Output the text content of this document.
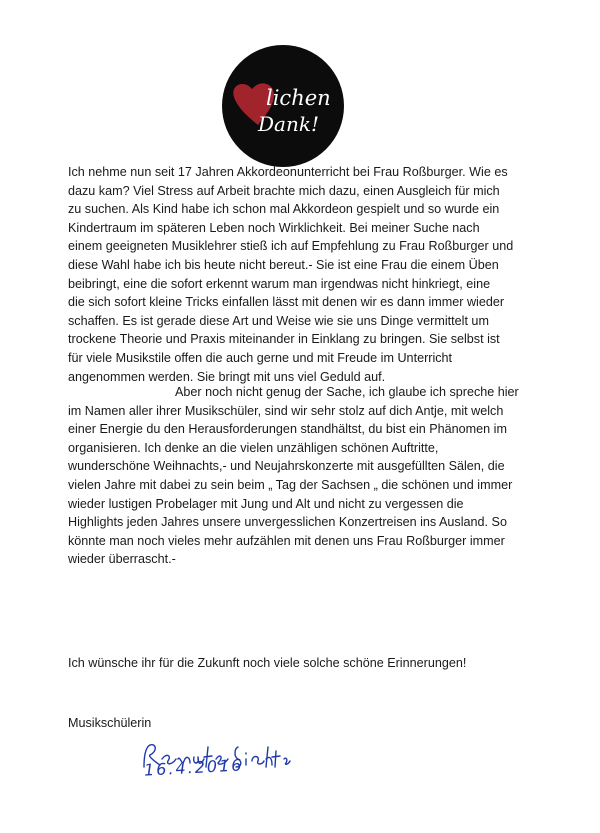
lichen
Dank!
Ich nehme nun seit 17 Jahren Akkordeonunterricht bei Frau Roßburger. Wie es
dazu kam? Viel Stress auf Arbeit brachte mich dazu, einen Ausgleich für mich
zu suchen. Als Kind habe ich schon mal Akkordeon gespielt und so wurde ein
Kindertraum im späteren Leben noch Wirklichkeit. Bei meiner Suche nach
einem geeigneten Musiklehrer stieß ich auf Empfehlung zu Frau Roßburger und
diese Wahl habe ich bis heute nicht bereut.- Sie ist eine Frau die einem Üben
beibringt, eine die sofort erkennt warum man irgendwas nicht hinkriegt, eine
die sich sofort kleine Tricks einfallen lässt mit denen wir es dann immer wieder
schaffen. Es ist gerade diese Art und Weise wie sie uns Dinge vermittelt um
trockene Theorie und Praxis miteinander in Einklang zu bringen. Sie selbst ist
für viele Musikstile offen die auch gerne und mit Freude im Unterricht
angenommen werden. Sie bringt mit uns viel Geduld auf.
Aber noch nicht genug der Sache, ich glaube ich spreche hier
im Namen aller ihrer Musikschüler, sind wir sehr stolz auf dich Antje, mit welch
einer Energie du den Herausforderungen standhältst, du bist ein Phänomen im
organisieren. Ich denke an die vielen unzähligen schönen Auftritte,
wunderschöne Weihnachts,- und Neujahrskonzerte mit ausgefüllten Sälen, die
vielen Jahre mit dabei zu sein beim „ Tag der Sachsen „ die schönen und immer
wieder lustigen Probelager mit Jung und Alt und nicht zu vergessen die
Highlights jeden Jahres unsere unvergesslichen Konzertreisen ins Ausland. So
könnte man noch vieles mehr aufzählen mit denen uns Frau Roßburger immer
wieder überrascht.-
Ich wünsche ihr für die Zukunft noch viele solche schöne Erinnerungen!
Musikschülerin
16.4.2016
